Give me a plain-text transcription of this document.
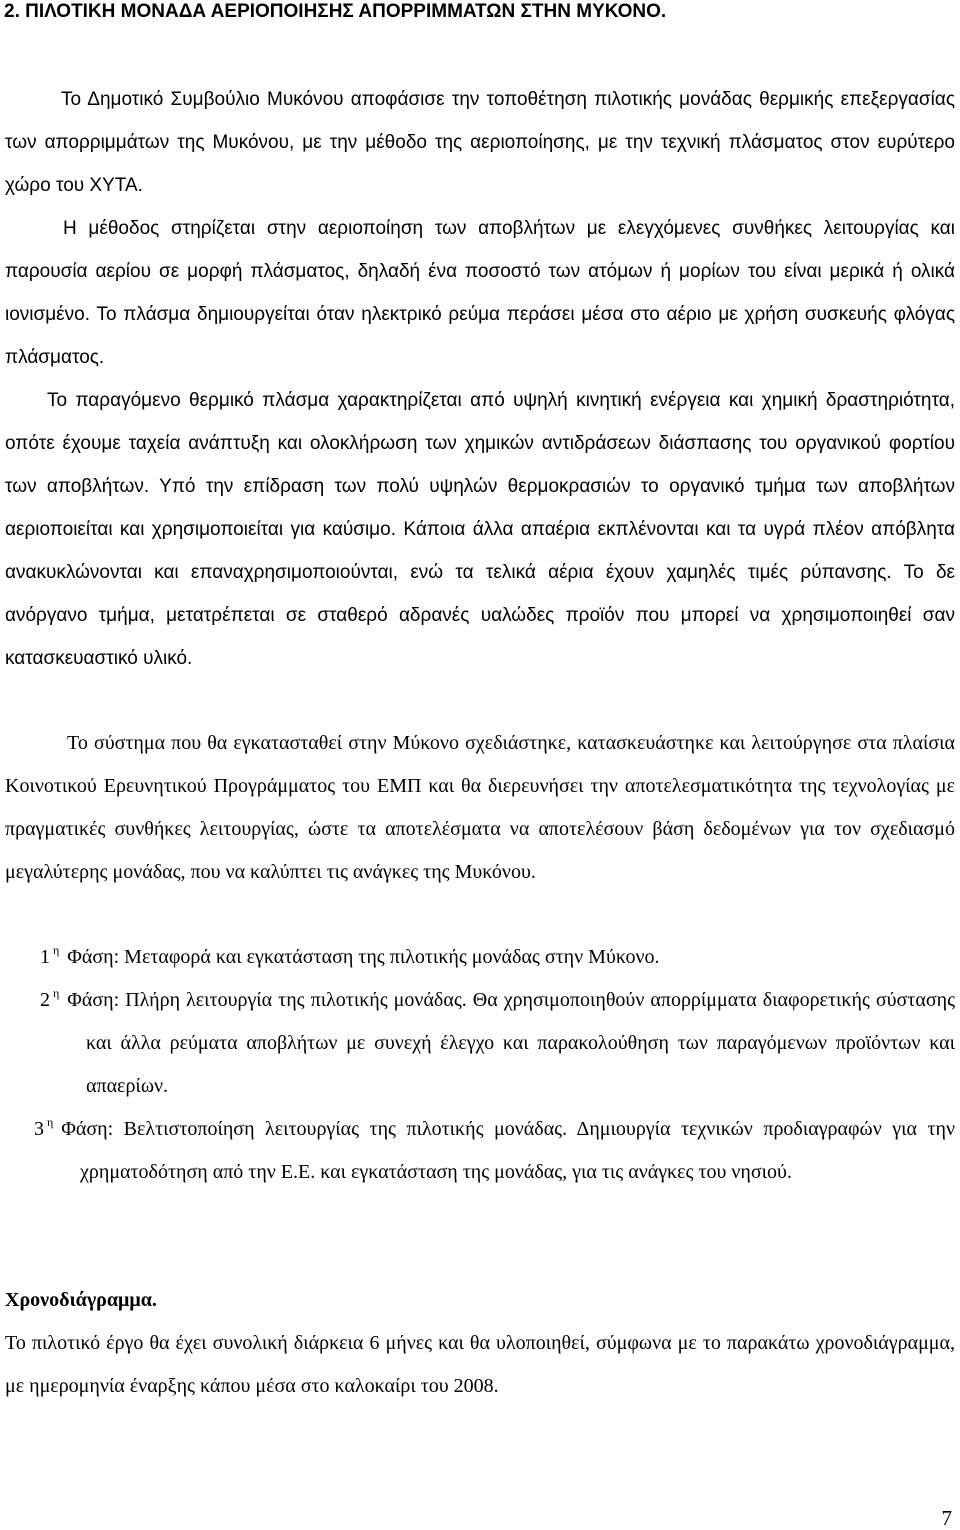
2. ΠΙΛΟΤΙΚΗ ΜΟΝΑΔΑ ΑΕΡΙΟΠΟΙΗΣΗΣ ΑΠΟΡΡΙΜΜΑΤΩΝ ΣΤΗΝ ΜΥΚΟΝΟ.

Το Δημοτικό Συμβούλιο Μυκόνου αποφάσισε την τοποθέτηση πιλοτικής μονάδας θερμικής επεξεργασίας των απορριμμάτων της Μυκόνου, με την μέθοδο της αεριοποίησης, με την τεχνική πλάσματος στον ευρύτερο χώρο του ΧΥΤΑ.

Η μέθοδος στηρίζεται στην αεριοποίηση των αποβλήτων με ελεγχόμενες συνθήκες λειτουργίας και παρουσία αερίου σε μορφή πλάσματος, δηλαδή ένα ποσοστό των ατόμων ή μορίων του είναι μερικά ή ολικά ιονισμένο. Το πλάσμα δημιουργείται όταν ηλεκτρικό ρεύμα περάσει μέσα στο αέριο με χρήση συσκευής φλόγας πλάσματος.

Το παραγόμενο θερμικό πλάσμα χαρακτηρίζεται από υψηλή κινητική ενέργεια και χημική δραστηριότητα, οπότε έχουμε ταχεία ανάπτυξη και ολοκλήρωση των χημικών αντιδράσεων διάσπασης του οργανικού φορτίου των αποβλήτων. Υπό την επίδραση των πολύ υψηλών θερμοκρασιών το οργανικό τμήμα των αποβλήτων αεριοποιείται και χρησιμοποιείται για καύσιμο. Κάποια άλλα απαέρια εκπλένονται και τα υγρά πλέον απόβλητα ανακυκλώνονται και επαναχρησιμοποιούνται, ενώ τα τελικά αέρια έχουν χαμηλές τιμές ρύπανσης. Το δε ανόργανο τμήμα, μετατρέπεται σε σταθερό αδρανές υαλώδες προϊόν που μπορεί να χρησιμοποιηθεί σαν κατασκευαστικό υλικό.

Το σύστημα που θα εγκατασταθεί στην Μύκονο σχεδιάστηκε, κατασκευάστηκε και λειτούργησε στα πλαίσια Κοινοτικού Ερευνητικού Προγράμματος του ΕΜΠ και θα διερευνήσει την αποτελεσματικότητα της τεχνολογίας με πραγματικές συνθήκες λειτουργίας, ώστε τα αποτελέσματα να αποτελέσουν βάση δεδομένων για τον σχεδιασμό μεγαλύτερης μονάδας, που να καλύπτει τις ανάγκες της Μυκόνου.

1 $^\eta$ Φάση: Μεταφορά και εγκατάσταση της πιλοτικής μονάδας στην Μύκονο.

2 $^\eta$ Φάση: Πλήρη λειτουργία της πιλοτικής μονάδας. Θα χρησιμοποιηθούν απορρίμματα διαφορετικής σύστασης και άλλα ρεύματα αποβλήτων με συνεχή έλεγχο και παρακολούθηση των παραγόμενων προϊόντων και απαερίων.

3 $^\eta$ Φάση: Βελτιστοποίηση λειτουργίας της πιλοτικής μονάδας. Δημιουργία τεχνικών προδιαγραφών για την χρηματοδότηση από την Ε.Ε. και εγκατάσταση της μονάδας, για τις ανάγκες του νησιού.

Χρονοδιάγραμμα.

Το πιλοτικό έργο θα έχει συνολική διάρκεια 6 μήνες και θα υλοποιηθεί, σύμφωνα με το παρακάτω χρονοδιάγραμμα, με ημερομηνία έναρξης κάπου μέσα στο καλοκαίρι του 2008.

7
